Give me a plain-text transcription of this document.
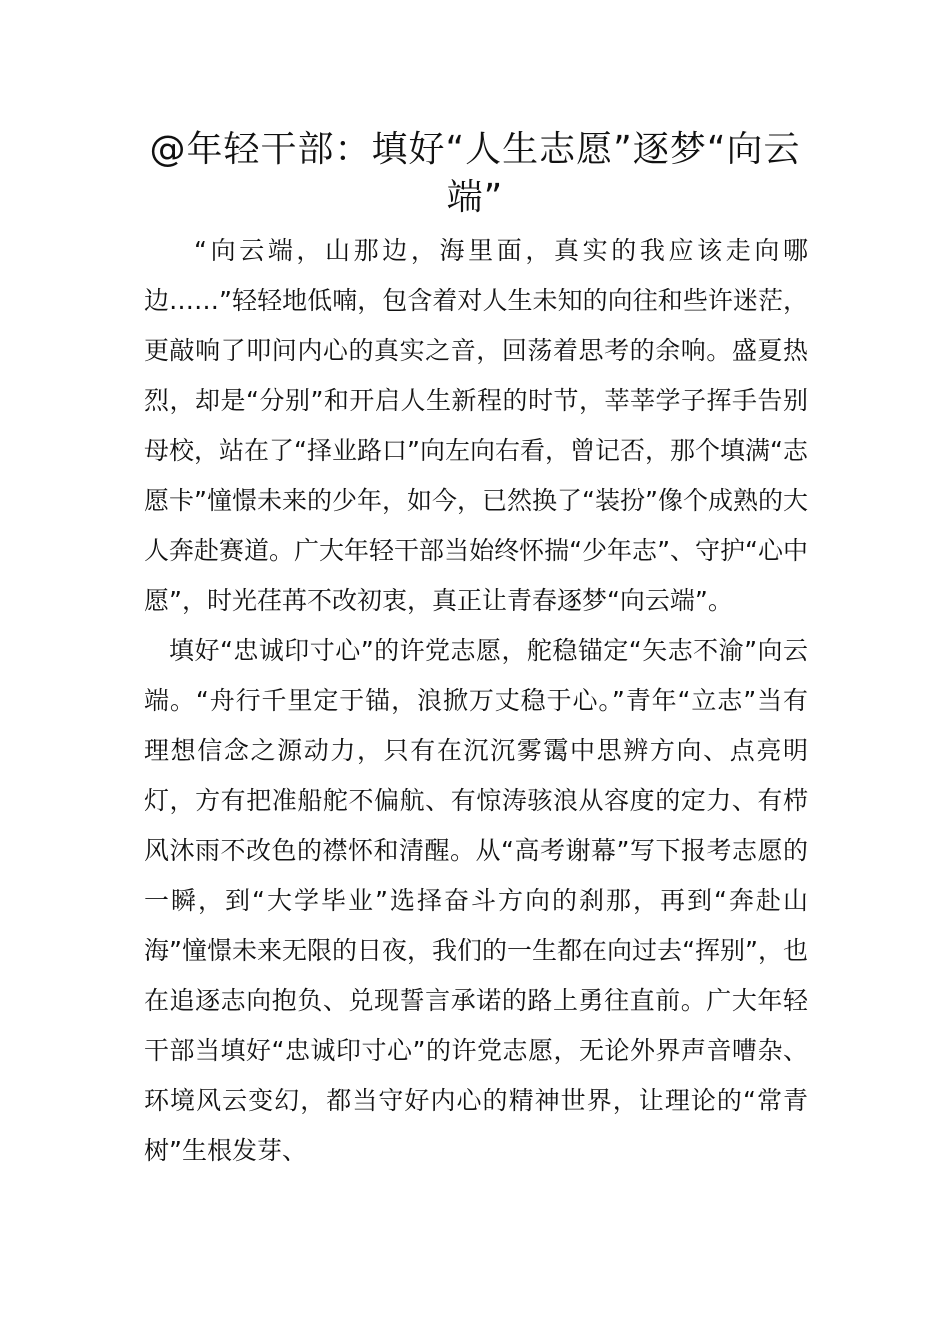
@年轻干部：填好“人生志愿”逐梦“向云端”

“向云端，山那边，海里面，真实的我应该走向哪边……”轻轻地低喃，包含着对人生未知的向往和些许迷茫，更敲响了叩问内心的真实之音，回荡着思考的余响。盛夏热烈，却是“分别”和开启人生新程的时节，莘莘学子挥手告别母校，站在了“择业路口”向左向右看，曾记否，那个填满“志愿卡”憧憬未来的少年，如今，已然换了“装扮”像个成熟的大人奔赴赛道。广大年轻干部当始终怀揣“少年志”、守护“心中愿”，时光荏苒不改初衷，真正让青春逐梦“向云端”。

填好“忠诚印寸心”的许党志愿，舵稳锚定“矢志不渝”向云端。“舟行千里定于锚，浪掀万丈稳于心。”青年“立志”当有理想信念之源动力，只有在沉沉雾霭中思辨方向、点亮明灯，方有把准船舵不偏航、有惊涛骇浪从容度的定力、有栉风沐雨不改色的襟怀和清醒。从“高考谢幕”写下报考志愿的一瞬，到“大学毕业”选择奋斗方向的刹那，再到“奔赴山海”憧憬未来无限的日夜，我们的一生都在向过去“挥别”，也在追逐志向抱负、兑现誓言承诺的路上勇往直前。广大年轻干部当填好“忠诚印寸心”的许党志愿，无论外界声音嘈杂、环境风云变幻，都当守好内心的精神世界，让理论的“常青树”生根发芽、
